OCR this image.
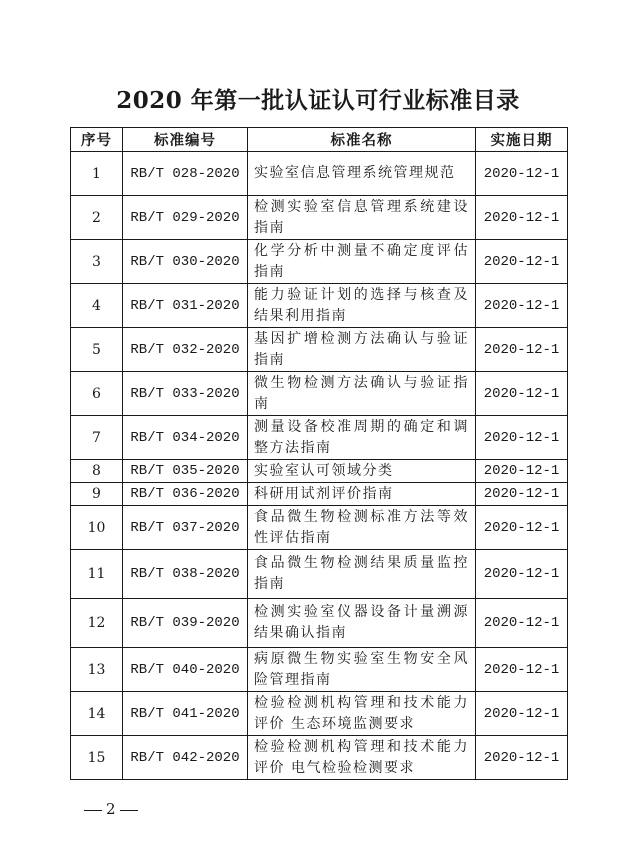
2020 年第一批认证认可行业标准目录
序号	标准编号	标准名称	实施日期
1	RB/T 028-2020	实验室信息管理系统管理规范	2020-12-1
2	RB/T 029-2020	检测实验室信息管理系统建设指南	2020-12-1
3	RB/T 030-2020	化学分析中测量不确定度评估指南	2020-12-1
4	RB/T 031-2020	能力验证计划的选择与核查及结果利用指南	2020-12-1
5	RB/T 032-2020	基因扩增检测方法确认与验证指南	2020-12-1
6	RB/T 033-2020	微生物检测方法确认与验证指南	2020-12-1
7	RB/T 034-2020	测量设备校准周期的确定和调整方法指南	2020-12-1
8	RB/T 035-2020	实验室认可领域分类	2020-12-1
9	RB/T 036-2020	科研用试剂评价指南	2020-12-1
10	RB/T 037-2020	食品微生物检测标准方法等效性评估指南	2020-12-1
11	RB/T 038-2020	食品微生物检测结果质量监控指南	2020-12-1
12	RB/T 039-2020	检测实验室仪器设备计量溯源结果确认指南	2020-12-1
13	RB/T 040-2020	病原微生物实验室生物安全风险管理指南	2020-12-1
14	RB/T 041-2020	检验检测机构管理和技术能力评价 生态环境监测要求	2020-12-1
15	RB/T 042-2020	检验检测机构管理和技术能力评价 电气检验检测要求	2020-12-1
2
